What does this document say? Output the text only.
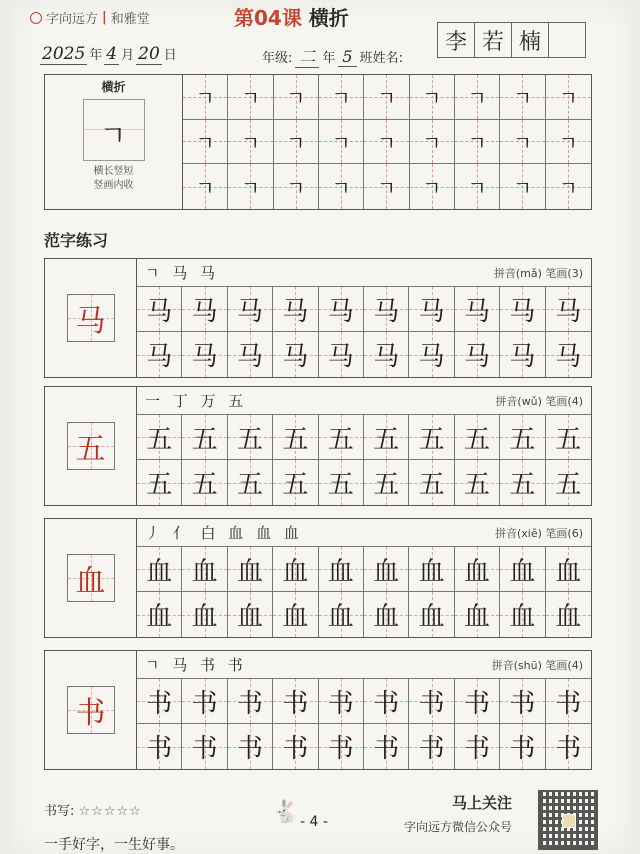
字向远方 | 和雅堂	第04课 横折
2025 年 4 月 20 日	年级: 二 年 5 班姓名:
李 若 楠
横折
ㄱ
横长竖短
竖画内收
ㄱ ㄱ ㄱ ㄱ ㄱ ㄱ ㄱ ㄱ ㄱ
ㄱ ㄱ ㄱ ㄱ ㄱ ㄱ ㄱ ㄱ ㄱ
ㄱ ㄱ ㄱ ㄱ ㄱ ㄱ ㄱ ㄱ ㄱ
范字练习
马
ㄱ 马 马	拼音(mǎ) 笔画(3)
马 马 马 马 马 马 马 马 马 马
马 马 马 马 马 马 马 马 马 马
五
一 丁 万 五	拼音(wǔ) 笔画(4)
五 五 五 五 五 五 五 五 五 五
五 五 五 五 五 五 五 五 五 五
血
丿 亻 白 血 血 血	拼音(xiě) 笔画(6)
血 血 血 血 血 血 血 血 血 血
血 血 血 血 血 血 血 血 血 血
书
ㄱ 马 书 书	拼音(shū) 笔画(4)
书 书 书 书 书 书 书 书 书 书
书 书 书 书 书 书 书 书 书 书
书写: ☆☆☆☆☆	🐇 - 4 -
马上关注
字向远方微信公众号
一手好字，一生好事。
